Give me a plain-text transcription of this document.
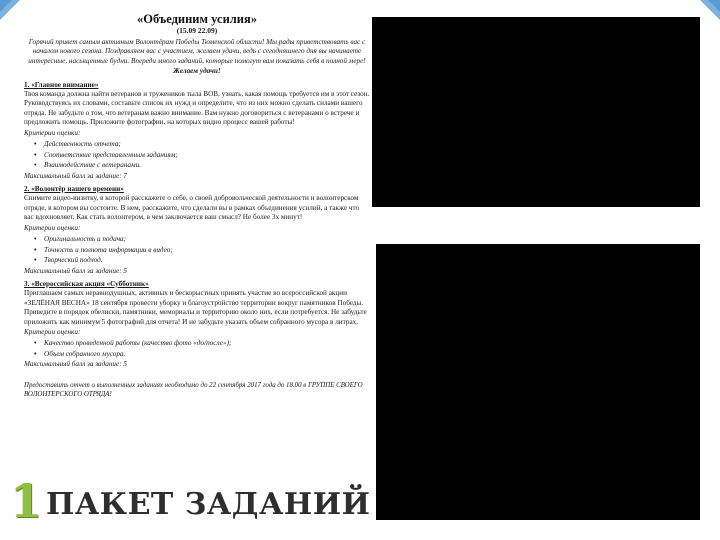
«Объединим усилия»
(15.09 22.09)

Горячий привет самым активным Волонтёрам Победы Тюменской области! Мы рады приветствовать вас с началом нового сезона. Поздравляем вас с участием, желаем удачи, ведь с сегодняшнего дня вы начинаете интересные, насыщенные будни. Впереди много заданий, которые помогут вам показать себя в полной мере!

Желаем удачи!
1. «Главное внимание»

Твоя команда должна найти ветеранов и тружеников тыла ВОВ, узнать, какая помощь требуется им в этот сезон. Руководствуясь их словами, составьте список их нужд и определите, что из них можно сделать силами вашего отряда. Не забудьте о том, что ветеранам важно внимание. Вам нужно договориться с ветеранами о встрече и предложить помощь. Приложите фотографии, на которых видно процесс вашей работы!

Критерии оценки:
• Действенность отчета;
• Соответствие представленным заданиям;
• Взаимодействие с ветеранами.
Максимальный балл за задание: 7
2. «Волонтёр нашего времени»

Снимите видео-визитку, в которой расскажете о себе, о своей добровольческой деятельности и волонтерском отряде, в котором вы состоите. В нем, расскажите, что сделали вы в рамках объединения усилий, а также что вас вдохновляет. Как стать волонтером, в чем заключается ваш смысл? Не более 3х минут!

Критерии оценки:
• Оригинальность и подача;
• Точность и полнота информации в видео;
• Творческий подход.
Максимальный балл за задание: 5
3. «Всероссийская акция «Субботник»

Приглашаем самых неравнодушных, активных и бескорыстных принять участие во всероссийской акции «ЗЕЛЁНАЯ ВЕСНА» 18 сентября провести уборку и благоустройство территории вокруг памятников Победы. Приведите в порядок обелиски, памятники, мемориалы и территорию около них, если потребуется. Не забудьте приложить как минимум 5 фотографий для отчета! И не забудьте указать объем собранного мусора в литрах.

Критерии оценки:
• Качество проведенной работы (качество фото «до/после»);
• Объем собранного мусора.
Максимальный балл за задание: 5
Предоставить отчет о выполненных заданиях необходимо до 22 сентября 2017 года до 18.00 в ГРУППЕ СВОЕГО ВОЛОНТЕРСКОГО ОТРЯДА!
1 ПАКЕТ ЗАДАНИЙ
